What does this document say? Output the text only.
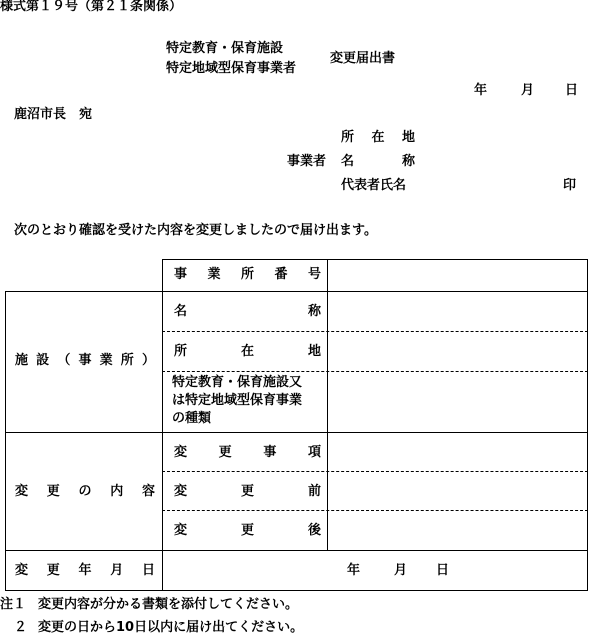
様式第１９号（第２１条関係）
特定教育・保育施設
特定地域型保育事業者
変更届出書
年	月 日
鹿沼市長　宛
所 在 地
事業者 名	称
代表者氏名	印
次のとおり確認を受けた内容を変更しましたので届け出ます。
事 業 所 番 号
施 設 （ 事 業 所 ）
名	称
所	在	地
特定教育・保育施設又
は特定地域型保育事業
の種類
変 更 の 内 容
変 更 事 項
変	更	前
変	更	後
変 更 年 月 日	年	月 日
注１ 変更内容が分かる書類を添付してください。
２ 変更の日から10日以内に届け出てください。
